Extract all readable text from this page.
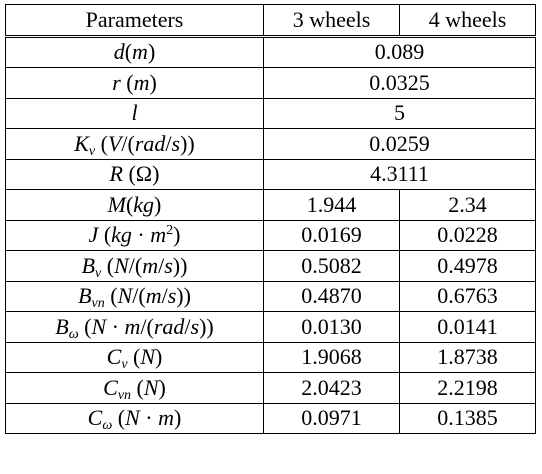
Parameters	3 wheels	4 wheels
d(m)	0.089	
r (m)	0.0325	
l	5	
$K_v$ (V/(rad/s))	0.0259	
R (Ω)	4.3111	
M(kg)	1.944	2.34
J $(kg \cdot m^2)$	0.0169	0.0228
$B_v$ (N/(m/s))	0.5082	0.4978
$B_{vn}$ (N/(m/s))	0.4870	0.6763
$B_\omega$ (N · m/(rad/s))	0.0130	0.0141
$C_v$ (N)	1.9068	1.8738
$C_{vn}$ (N)	2.0423	2.2198
$C_\omega$ (N · m)	0.0971	0.1385
